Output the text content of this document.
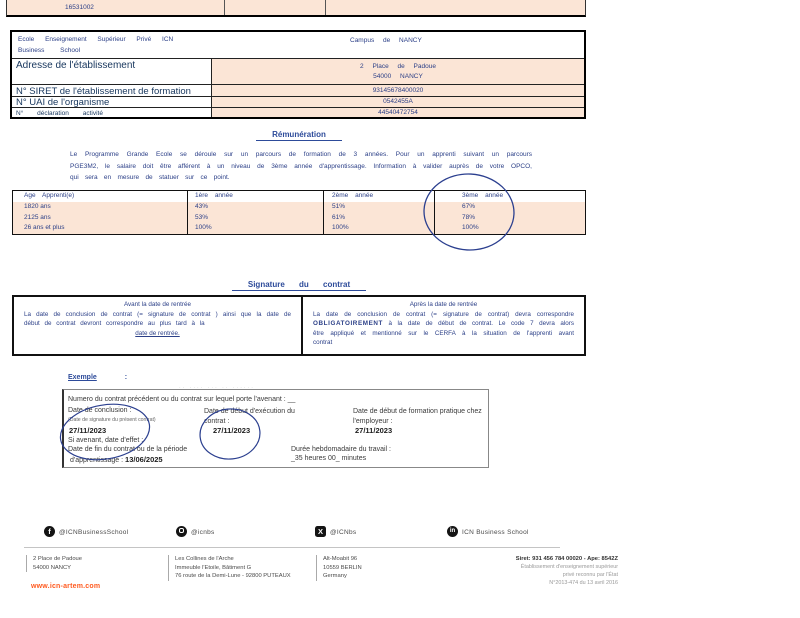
16531002
Ecole Enseignement Supérieur Privé ICN
Business School
Campus de NANCY
Adresse de l'établissement	2 Place de Padoue
54000 NANCY
N° SIRET de l'établissement de formation	93145678400020
N° UAI de l'organisme	0542455A
N° déclaration activité	44540472754
Rémunération
Le Programme Grande Ecole se déroule sur un parcours de formation de 3 années. Pour un apprenti suivant un parcours PGE3M2, le salaire doit être afférent à un niveau de 3ème année d'apprentissage. Information à valider auprès de votre OPCO, qui sera en mesure de statuer sur ce point.
Age Apprenti(e)	1ère année	2ème année	3ème année
1820 ans	43%	51%	67%
2125 ans	53%	61%	78%
26 ans et plus	100%	100%	100%
Signature du contrat
Avant la date de rentrée
La date de conclusion de contrat (= signature de contrat ) ainsi que la date de début de contrat devront correspondre au plus tard à la
date de rentrée.
Après la date de rentrée
La date de conclusion de contrat (= signature de contrat) devra correspondre OBLIGATOIREMENT à la date de début de contrat. Le code 7 devra alors être appliqué et mentionné sur le CERFA à la situation de l'apprenti avant contrat
Exemple	:
·· ···· ··· ·· ······
Numero du contrat précédent ou du contrat sur lequel porte l'avenant : __
Date de conclusion :
(Date de signature du présent contrat)
27/11/2023
Date de début d'exécution du contrat :
27/11/2023
Date de début de formation pratique chez l'employeur :
27/11/2023
Si avenant, date d'effet :
Date de fin du contrat ou de la période
d'apprentissage : 13/06/2025
Durée hebdomadaire du travail :
_35 heures 00_ minutes
f	@ICNBusinessSchool	@icnbs	X	@ICNbs	in	ICN Business School
2 Place de Padoue
54000 NANCY
Les Collines de l'Arche
Immeuble l'Etoile, Bâtiment G
76 route de la Demi-Lune - 92800 PUTEAUX
Alt-Moabit 96
10559 BERLIN
Germany
Siret: 931 456 784 00020 - Ape: 8542Z
Établissement d'enseignement supérieur
privé reconnu par l'État
N°2013-474 du 13 avril 2016
www.icn-artem.com
